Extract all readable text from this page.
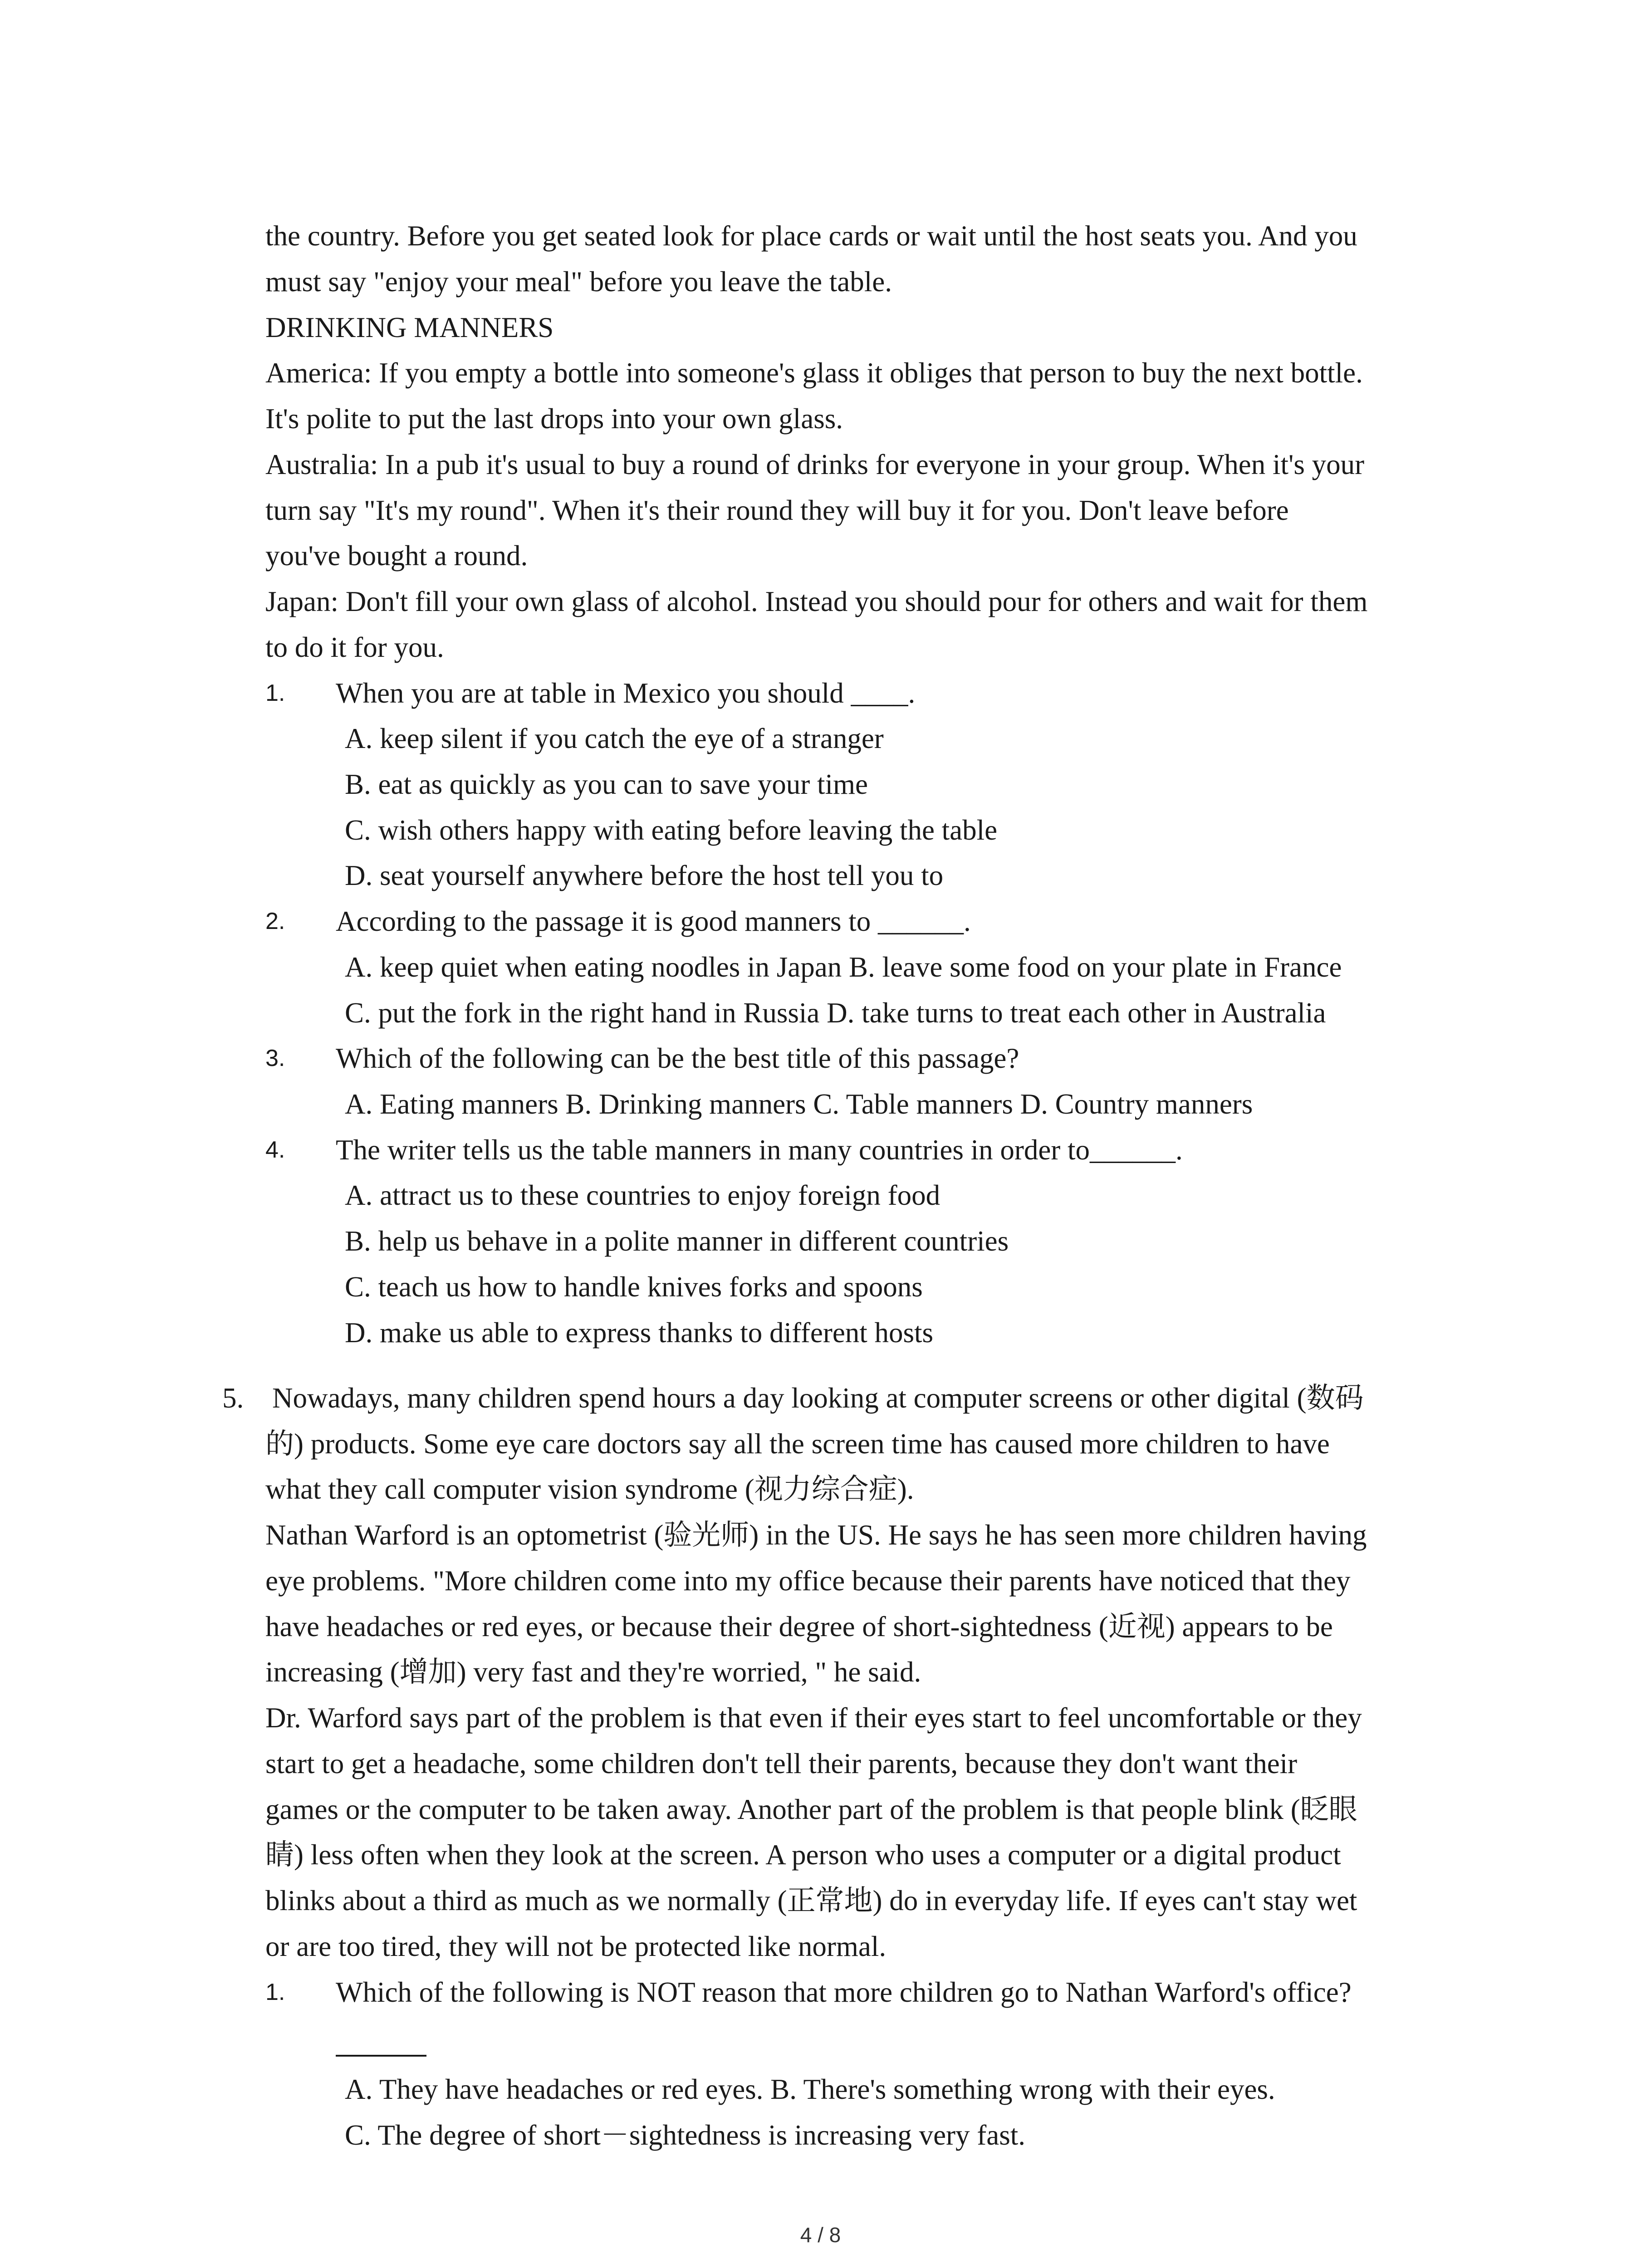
the country. Before you get seated look for place cards or wait until the host seats you. And you
must say "enjoy your meal" before you leave the table.
DRINKING MANNERS
America: If you empty a bottle into someone's glass it obliges that person to buy the next bottle.
It's polite to put the last drops into your own glass.
Australia: In a pub it's usual to buy a round of drinks for everyone in your group. When it's your
turn say "It's my round". When it's their round they will buy it for you. Don't leave before
you've bought a round.
Japan: Don't fill your own glass of alcohol. Instead you should pour for others and wait for them
to do it for you.
1. When you are at table in Mexico you should ____.
A. keep silent if you catch the eye of a stranger
B. eat as quickly as you can to save your time
C. wish others happy with eating before leaving the table
D. seat yourself anywhere before the host tell you to
2. According to the passage it is good manners to ______.
A. keep quiet when eating noodles in Japan B. leave some food on your plate in France
C. put the fork in the right hand in Russia D. take turns to treat each other in Australia
3. Which of the following can be the best title of this passage?
A. Eating manners B. Drinking manners C. Table manners D. Country manners
4. The writer tells us the table manners in many countries in order to______.
A. attract us to these countries to enjoy foreign food
B. help us behave in a polite manner in different countries
C. teach us how to handle knives forks and spoons
D. make us able to express thanks to different hosts
5. Nowadays, many children spend hours a day looking at computer screens or other digital (数码
的) products. Some eye care doctors say all the screen time has caused more children to have
what they call computer vision syndrome (视力综合症).
Nathan Warford is an optometrist (验光师) in the US. He says he has seen more children having
eye problems. "More children come into my office because their parents have noticed that they
have headaches or red eyes, or because their degree of short-sightedness (近视) appears to be
increasing (增加) very fast and they're worried, " he said.
Dr. Warford says part of the problem is that even if their eyes start to feel uncomfortable or they
start to get a headache, some children don't tell their parents, because they don't want their
games or the computer to be taken away. Another part of the problem is that people blink (眨眼
睛) less often when they look at the screen. A person who uses a computer or a digital product
blinks about a third as much as we normally (正常地) do in everyday life. If eyes can't stay wet
or are too tired, they will not be protected like normal.
1. Which of the following is NOT reason that more children go to Nathan Warford's office?
A. They have headaches or red eyes. B. There's something wrong with their eyes.
C. The degree of short－sightedness is increasing very fast.
4 / 8
